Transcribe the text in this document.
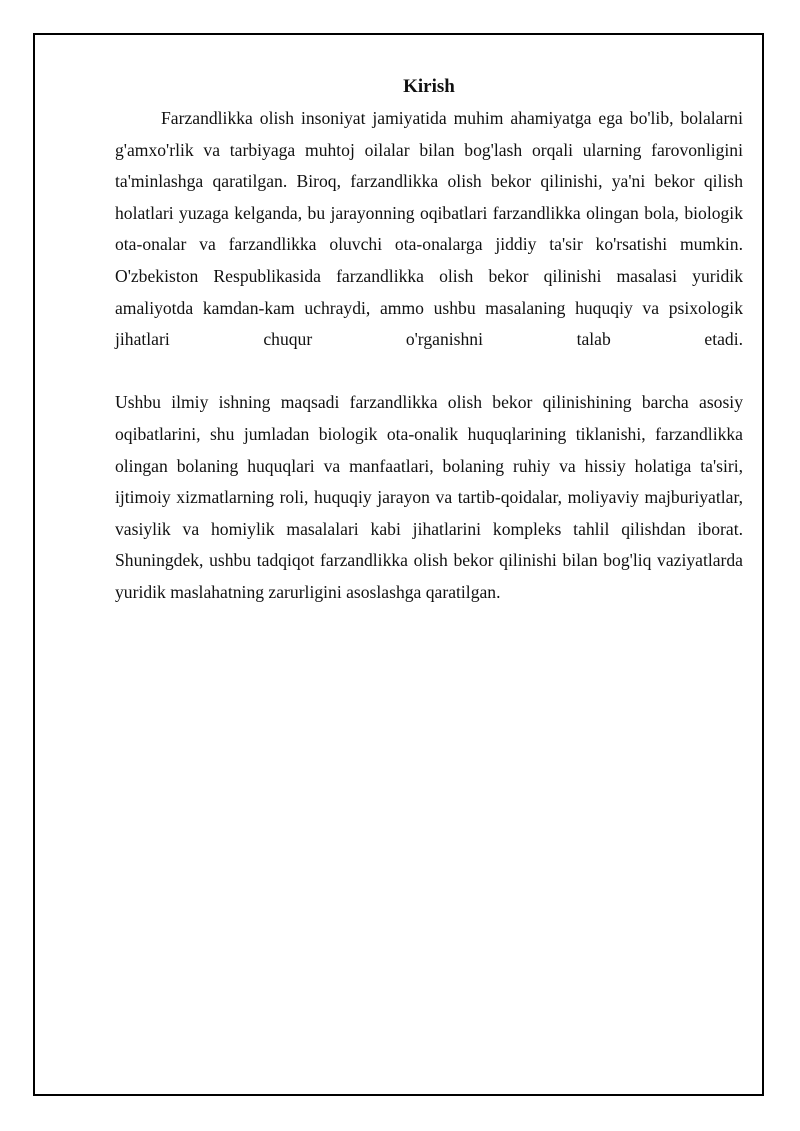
Kirish

Farzandlikka olish insoniyat jamiyatida muhim ahamiyatga ega bo'lib, bolalarni g'amxo'rlik va tarbiyaga muhtoj oilalar bilan bog'lash orqali ularning farovonligini ta'minlashga qaratilgan. Biroq, farzandlikka olish bekor qilinishi, ya'ni bekor qilish holatlari yuzaga kelganda, bu jarayonning oqibatlari farzandlikka olingan bola, biologik ota-onalar va farzandlikka oluvchi ota-onalarga jiddiy ta'sir ko'rsatishi mumkin. O'zbekiston Respublikasida farzandlikka olish bekor qilinishi masalasi yuridik amaliyotda kamdan-kam uchraydi, ammo ushbu masalaning huquqiy va psixologik jihatlari chuqur o'rganishni talab etadi.

Ushbu ilmiy ishning maqsadi farzandlikka olish bekor qilinishining barcha asosiy oqibatlarini, shu jumladan biologik ota-onalik huquqlarining tiklanishi, farzandlikka olingan bolaning huquqlari va manfaatlari, bolaning ruhiy va hissiy holatiga ta'siri, ijtimoiy xizmatlarning roli, huquqiy jarayon va tartib-qoidalar, moliyaviy majburiyatlar, vasiylik va homiylik masalalari kabi jihatlarini kompleks tahlil qilishdan iborat. Shuningdek, ushbu tadqiqot farzandlikka olish bekor qilinishi bilan bog'liq vaziyatlarda yuridik maslahatning zarurligini asoslashga qaratilgan.
